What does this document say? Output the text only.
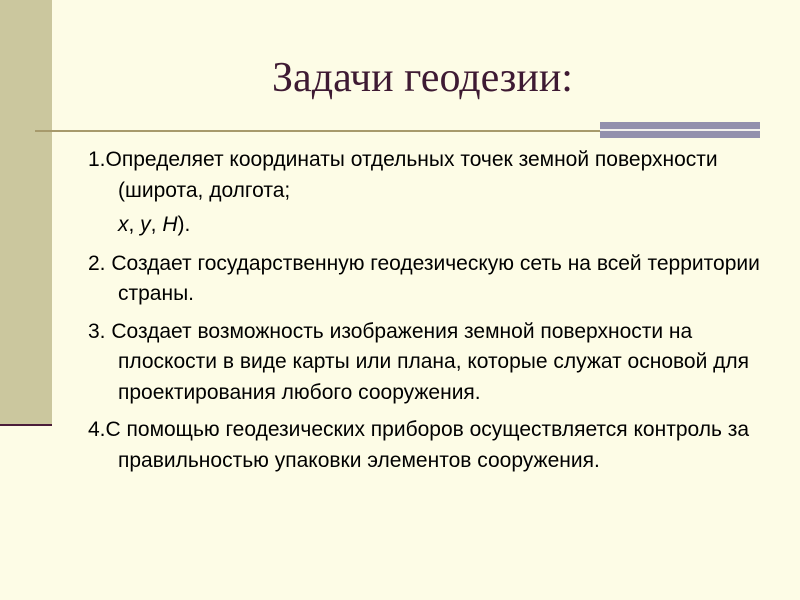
Задачи геодезии:
1.Определяет координаты отдельных точек земной поверхности (широта, долгота;
x, y, H).
2. Создает государственную геодезическую сеть на всей территории страны.
3. Создает возможность изображения земной поверхности на плоскости в виде карты или плана, которые служат основой для проектирования любого сооружения.
4.С помощью геодезических приборов осуществляется контроль за правильностью упаковки элементов сооружения.
